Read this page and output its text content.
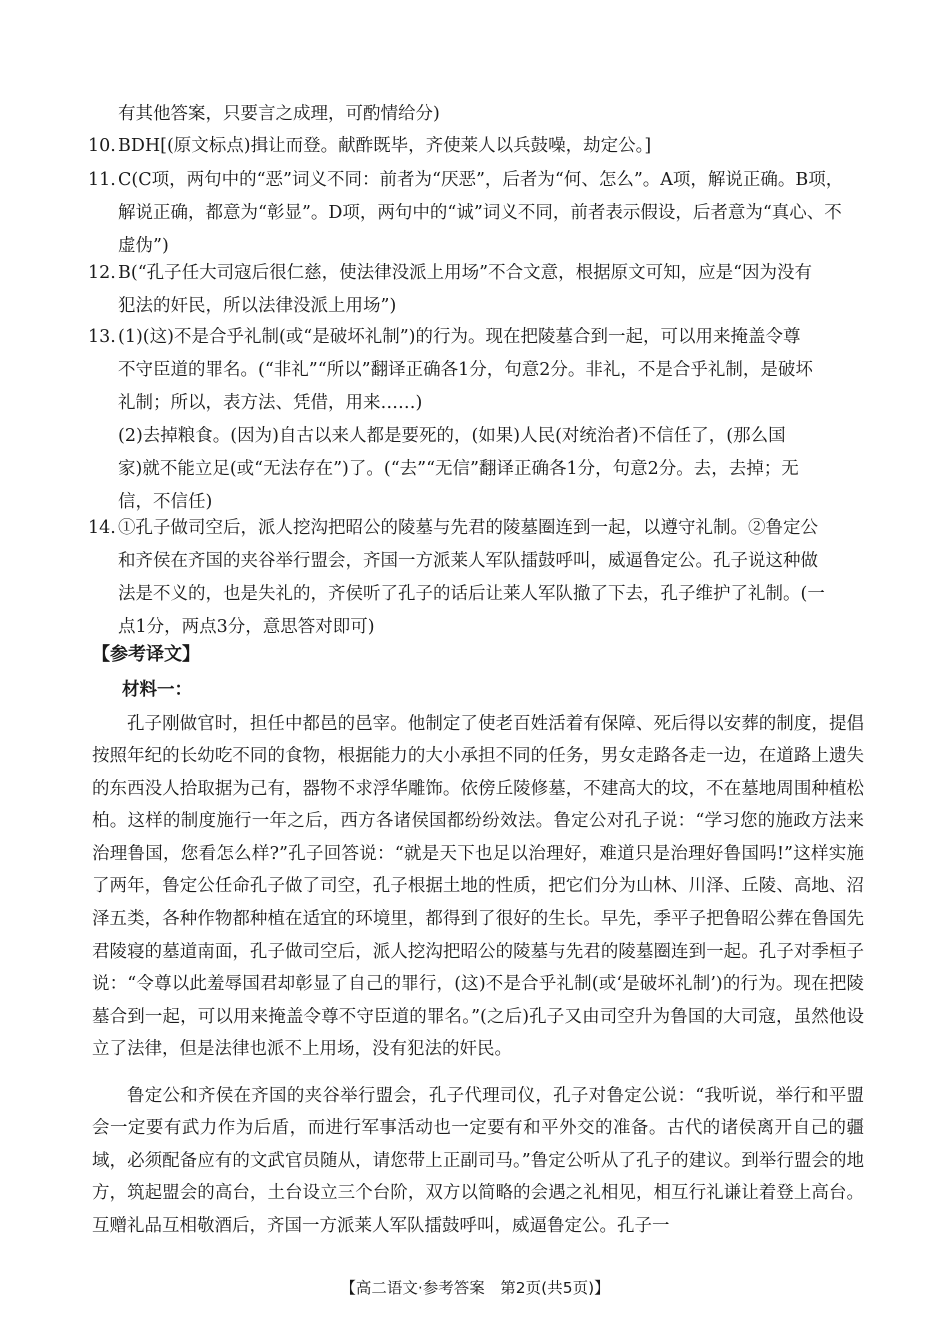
有其他答案，只要言之成理，可酌情给分)
10. BDH[(原文标点)揖让而登。献酢既毕，齐使莱人以兵鼓噪，劫定公。]
11. C(C项，两句中的“恶”词义不同：前者为“厌恶”，后者为“何、怎么”。A项，解说正确。B项，
解说正确，都意为“彰显”。D项，两句中的“诚”词义不同，前者表示假设，后者意为“真心、不
虚伪”)
12. B(“孔子任大司寇后很仁慈，使法律没派上用场”不合文意，根据原文可知，应是“因为没有
犯法的奸民，所以法律没派上用场”)
13. (1)(这)不是合乎礼制(或“是破坏礼制”)的行为。现在把陵墓合到一起，可以用来掩盖令尊
不守臣道的罪名。(“非礼”“所以”翻译正确各1分，句意2分。非礼，不是合乎礼制，是破坏
礼制；所以，表方法、凭借，用来……)
(2)去掉粮食。(因为)自古以来人都是要死的，(如果)人民(对统治者)不信任了，(那么国
家)就不能立足(或“无法存在”)了。(“去”“无信”翻译正确各1分，句意2分。去，去掉；无
信，不信任)
14. ①孔子做司空后，派人挖沟把昭公的陵墓与先君的陵墓圈连到一起，以遵守礼制。②鲁定公
和齐侯在齐国的夹谷举行盟会，齐国一方派莱人军队擂鼓呼叫，威逼鲁定公。孔子说这种做
法是不义的，也是失礼的，齐侯听了孔子的话后让莱人军队撤了下去，孔子维护了礼制。(一
点1分，两点3分，意思答对即可)
【参考译文】
材料一：

孔子刚做官时，担任中都邑的邑宰。他制定了使老百姓活着有保障、死后得以安葬的制度，提倡按照年纪的长幼吃不同的食物，根据能力的大小承担不同的任务，男女走路各走一边，在道路上遗失的东西没人拾取据为己有，器物不求浮华雕饰。依傍丘陵修墓，不建高大的坟，不在墓地周围种植松柏。这样的制度施行一年之后，西方各诸侯国都纷纷效法。鲁定公对孔子说：“学习您的施政方法来治理鲁国，您看怎么样?”孔子回答说：“就是天下也足以治理好，难道只是治理好鲁国吗!”这样实施了两年，鲁定公任命孔子做了司空，孔子根据土地的性质，把它们分为山林、川泽、丘陵、高地、沼泽五类，各种作物都种植在适宜的环境里，都得到了很好的生长。早先，季平子把鲁昭公葬在鲁国先君陵寝的墓道南面，孔子做司空后，派人挖沟把昭公的陵墓与先君的陵墓圈连到一起。孔子对季桓子说：“令尊以此羞辱国君却彰显了自己的罪行，(这)不是合乎礼制(或‘是破坏礼制’)的行为。现在把陵墓合到一起，可以用来掩盖令尊不守臣道的罪名。”(之后)孔子又由司空升为鲁国的大司寇，虽然他设立了法律，但是法律也派不上用场，没有犯法的奸民。

鲁定公和齐侯在齐国的夹谷举行盟会，孔子代理司仪，孔子对鲁定公说：“我听说，举行和平盟会一定要有武力作为后盾，而进行军事活动也一定要有和平外交的准备。古代的诸侯离开自己的疆域，必须配备应有的文武官员随从，请您带上正副司马。”鲁定公听从了孔子的建议。到举行盟会的地方，筑起盟会的高台，土台设立三个台阶，双方以简略的会遇之礼相见，相互行礼谦让着登上高台。互赠礼品互相敬酒后，齐国一方派莱人军队擂鼓呼叫，威逼鲁定公。孔子一

【高二语文·参考答案　第2页(共5页)】
